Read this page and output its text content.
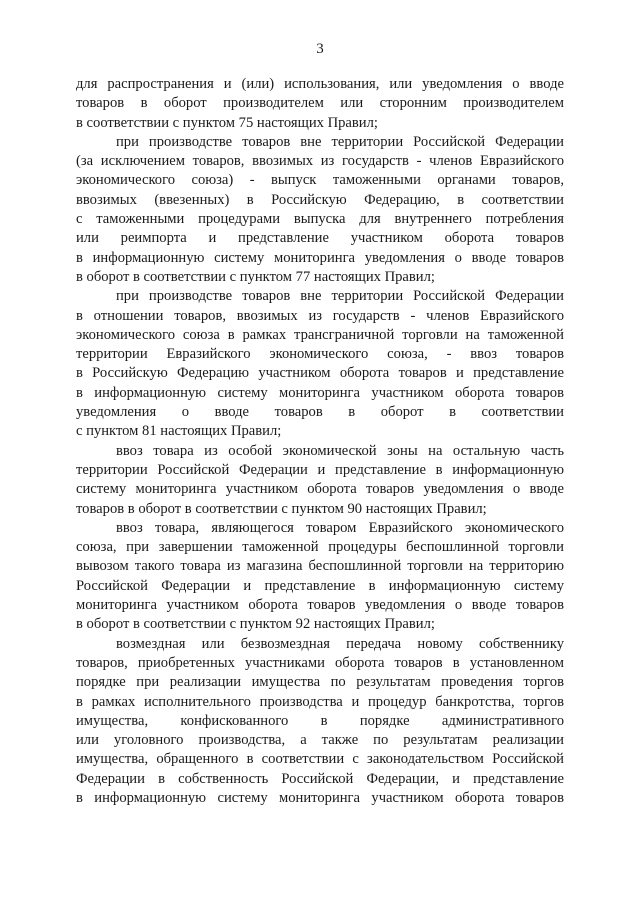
3
для распространения и (или) использования, или уведомления о вводе
товаров в оборот производителем или сторонним производителем
в соответствии с пунктом 75 настоящих Правил;
при производстве товаров вне территории Российской Федерации
(за исключением товаров, ввозимых из государств - членов Евразийского
экономического союза) - выпуск таможенными органами товаров,
ввозимых (ввезенных) в Российскую Федерацию, в соответствии
с таможенными процедурами выпуска для внутреннего потребления
или реимпорта и представление участником оборота товаров
в информационную систему мониторинга уведомления о вводе товаров
в оборот в соответствии с пунктом 77 настоящих Правил;
при производстве товаров вне территории Российской Федерации
в отношении товаров, ввозимых из государств - членов Евразийского
экономического союза в рамках трансграничной торговли на таможенной
территории Евразийского экономического союза, - ввоз товаров
в Российскую Федерацию участником оборота товаров и представление
в информационную систему мониторинга участником оборота товаров
уведомления о вводе товаров в оборот в соответствии
с пунктом 81 настоящих Правил;
ввоз товара из особой экономической зоны на остальную часть
территории Российской Федерации и представление в информационную
систему мониторинга участником оборота товаров уведомления о вводе
товаров в оборот в соответствии с пунктом 90 настоящих Правил;
ввоз товара, являющегося товаром Евразийского экономического
союза, при завершении таможенной процедуры беспошлинной торговли
вывозом такого товара из магазина беспошлинной торговли на территорию
Российской Федерации и представление в информационную систему
мониторинга участником оборота товаров уведомления о вводе товаров
в оборот в соответствии с пунктом 92 настоящих Правил;
возмездная или безвозмездная передача новому собственнику
товаров, приобретенных участниками оборота товаров в установленном
порядке при реализации имущества по результатам проведения торгов
в рамках исполнительного производства и процедур банкротства, торгов
имущества, конфискованного в порядке административного
или уголовного производства, а также по результатам реализации
имущества, обращенного в соответствии с законодательством Российской
Федерации в собственность Российской Федерации, и представление
в информационную систему мониторинга участником оборота товаров
